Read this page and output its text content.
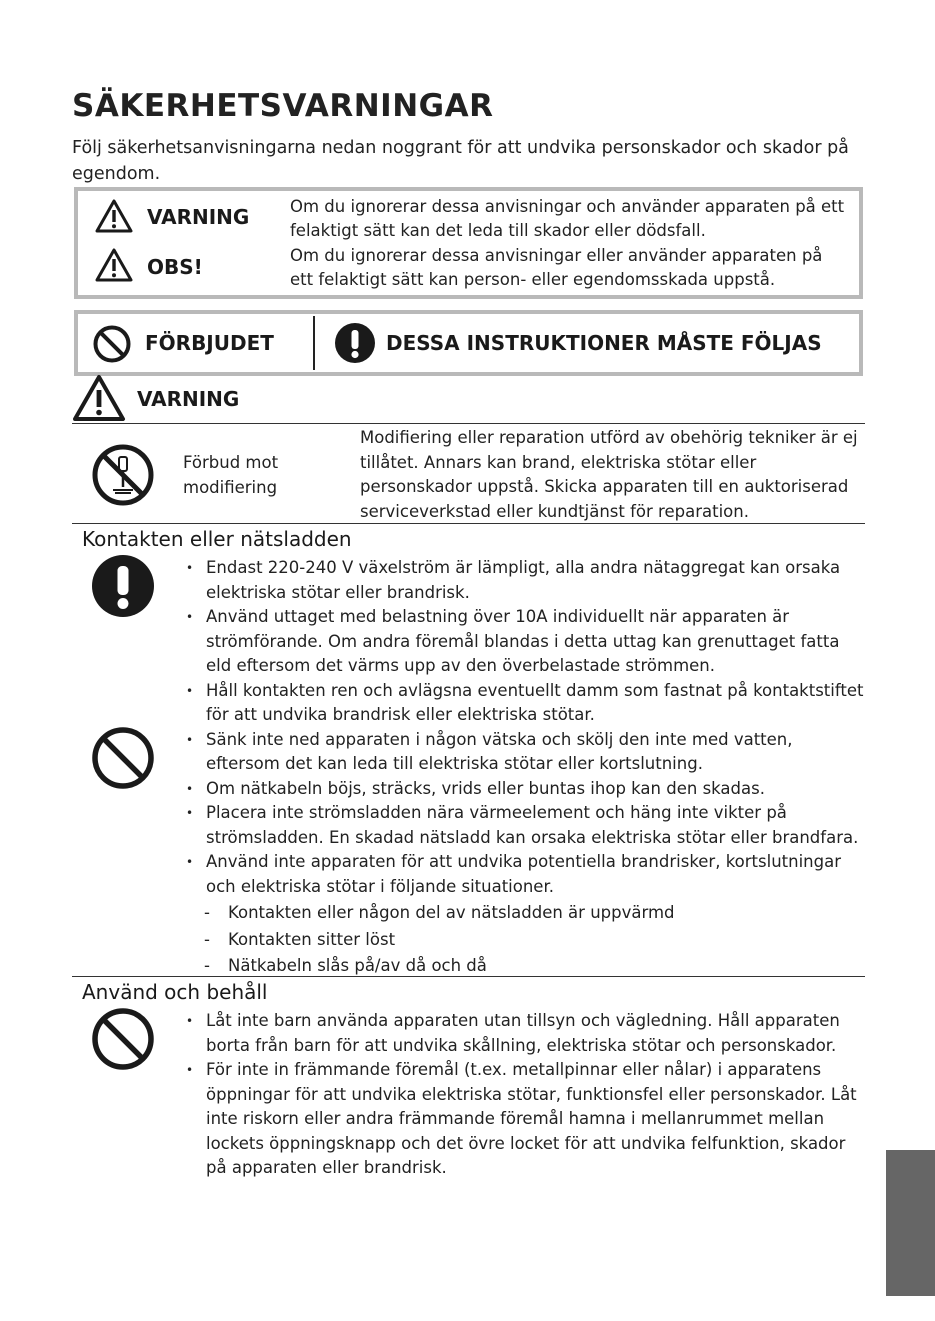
SÄKERHETSVARNINGAR
Följ säkerhetsanvisningarna nedan noggrant för att undvika personskador och skador på egendom.
VARNING Om du ignorerar dessa anvisningar och använder apparaten på ett felaktigt sätt kan det leda till skador eller dödsfall.
OBS!	Om du ignorerar dessa anvisningar eller använder apparaten på ett felaktigt sätt kan person- eller egendomsskada uppstå.
FÖRBJUDET	DESSA INSTRUKTIONER MÅSTE FÖLJAS
VARNING
Förbud mot modifiering
Modifiering eller reparation utförd av obehörig tekniker är ej tillåtet. Annars kan brand, elektriska stötar eller personskador uppstå. Skicka apparaten till en auktoriserad serviceverkstad eller kundtjänst för reparation.
Kontakten eller nätsladden
• Endast 220-240 V växelström är lämpligt, alla andra nätaggregat kan orsaka elektriska stötar eller brandrisk.
• Använd uttaget med belastning över 10A individuellt när apparaten är strömförande. Om andra föremål blandas i detta uttag kan grenuttaget fatta eld eftersom det värms upp av den överbelastade strömmen.
• Håll kontakten ren och avlägsna eventuellt damm som fastnat på kontaktstiftet för att undvika brandrisk eller elektriska stötar.
• Sänk inte ned apparaten i någon vätska och skölj den inte med vatten, eftersom det kan leda till elektriska stötar eller kortslutning.
• Om nätkabeln böjs, sträcks, vrids eller buntas ihop kan den skadas.
• Placera inte strömsladden nära värmeelement och häng inte vikter på strömsladden. En skadad nätsladd kan orsaka elektriska stötar eller brandfara.
• Använd inte apparaten för att undvika potentiella brandrisker, kortslutningar och elektriska stötar i följande situationer.
- Kontakten eller någon del av nätsladden är uppvärmd
- Kontakten sitter löst
- Nätkabeln slås på/av då och då
Använd och behåll
• Låt inte barn använda apparaten utan tillsyn och vägledning. Håll apparaten borta från barn för att undvika skållning, elektriska stötar och personskador.
• För inte in främmande föremål (t.ex. metallpinnar eller nålar) i apparatens öppningar för att undvika elektriska stötar, funktionsfel eller personskador. Låt inte riskorn eller andra främmande föremål hamna i mellanrummet mellan lockets öppningsknapp och det övre locket för att undvika felfunktion, skador på apparaten eller brandrisk.
